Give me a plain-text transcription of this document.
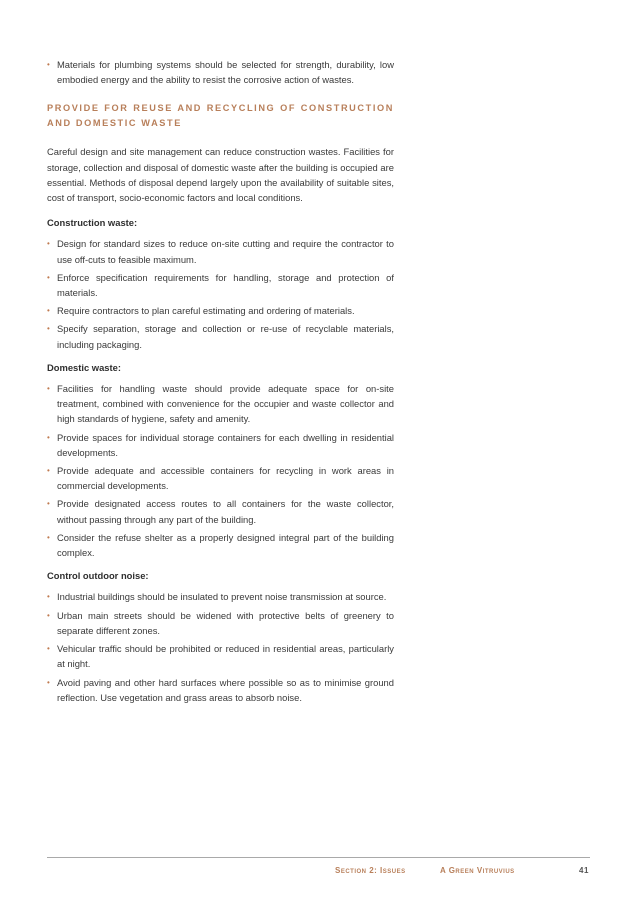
• Materials for plumbing systems should be selected for strength, durability, low embodied energy and the ability to resist the corrosive action of wastes.
PROVIDE FOR REUSE AND RECYCLING OF CONSTRUCTION AND DOMESTIC WASTE

Careful design and site management can reduce construction wastes. Facilities for storage, collection and disposal of domestic waste after the building is occupied are essential. Methods of disposal depend largely upon the availability of suitable sites, cost of transport, socio-economic factors and local conditions.

Construction waste:
• Design for standard sizes to reduce on-site cutting and require the contractor to use off-cuts to feasible maximum.
• Enforce specification requirements for handling, storage and protection of materials.
• Require contractors to plan careful estimating and ordering of materials.
• Specify separation, storage and collection or re-use of recyclable materials, including packaging.
Domestic waste:
• Facilities for handling waste should provide adequate space for on-site treatment, combined with convenience for the occupier and waste collector and high standards of hygiene, safety and amenity.
• Provide spaces for individual storage containers for each dwelling in residential developments.
• Provide adequate and accessible containers for recycling in work areas in commercial developments.
• Provide designated access routes to all containers for the waste collector, without passing through any part of the building.
• Consider the refuse shelter as a properly designed integral part of the building complex.
Control outdoor noise:
• Industrial buildings should be insulated to prevent noise transmission at source.
• Urban main streets should be widened with protective belts of greenery to separate different zones.
• Vehicular traffic should be prohibited or reduced in residential areas, particularly at night.
• Avoid paving and other hard surfaces where possible so as to minimise ground reflection. Use vegetation and grass areas to absorb noise.
Section 2: Issues	A Green Vitruvius	41
